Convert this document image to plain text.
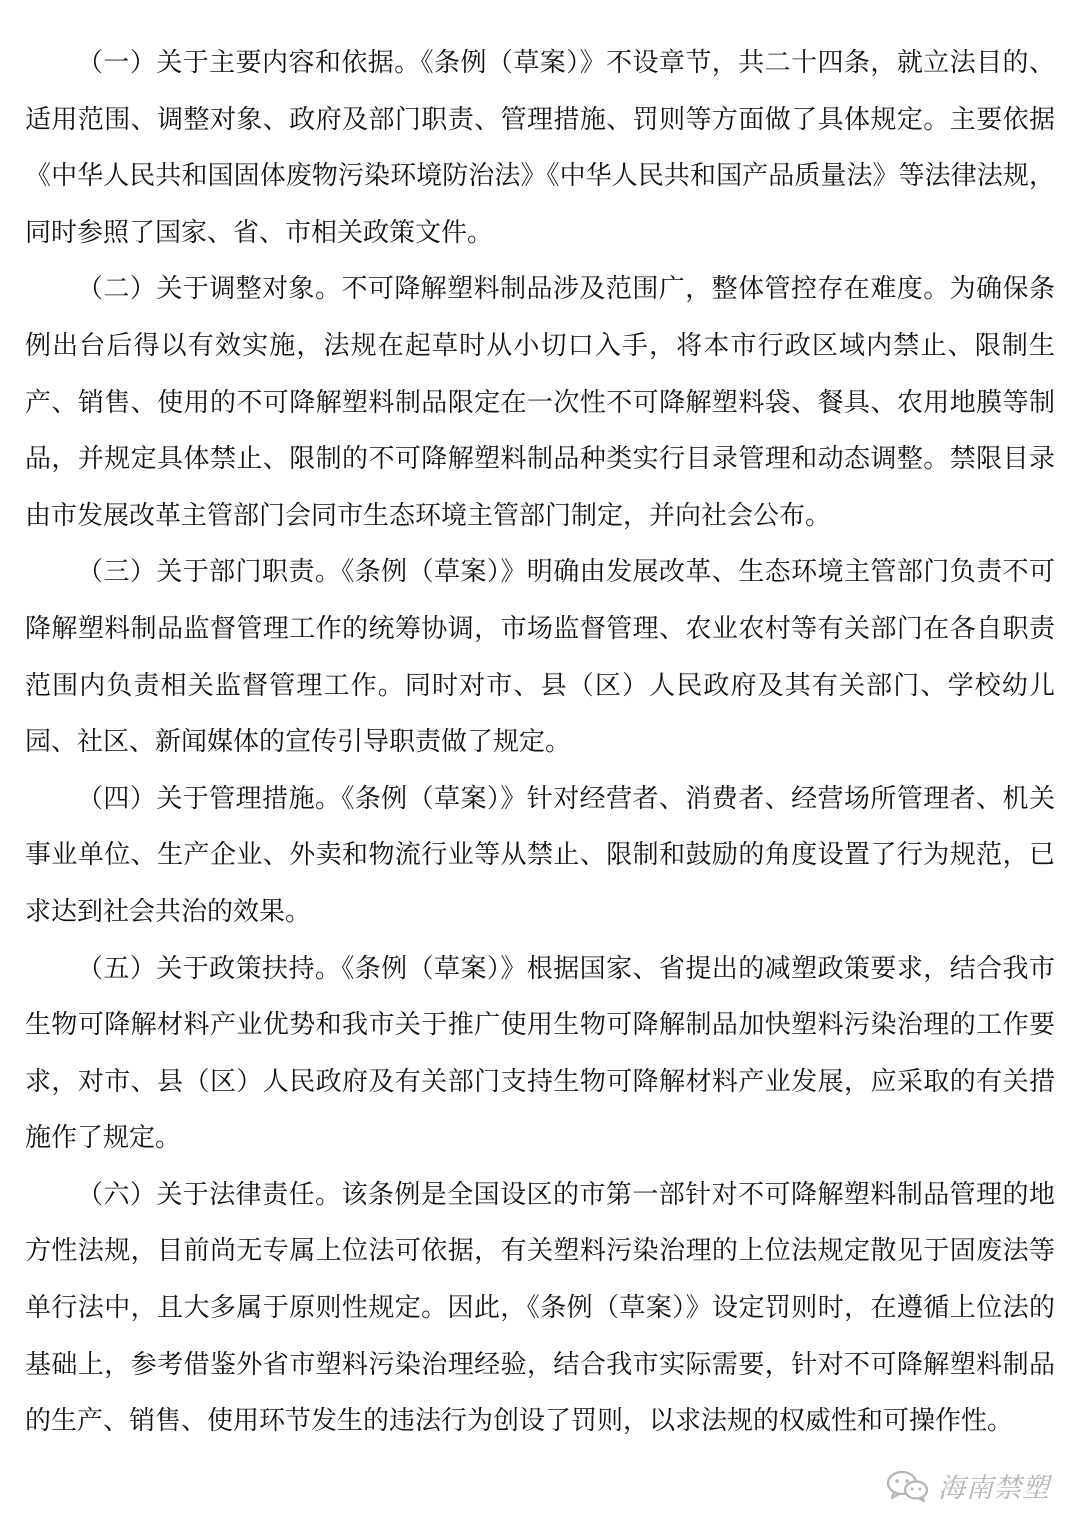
（一）关于主要内容和依据。《条例（草案）》不设章节，共二十四条，就立法目的、适用范围、调整对象、政府及部门职责、管理措施、罚则等方面做了具体规定。主要依据《中华人民共和国固体废物污染环境防治法》《中华人民共和国产品质量法》等法律法规，同时参照了国家、省、市相关政策文件。

（二）关于调整对象。不可降解塑料制品涉及范围广，整体管控存在难度。为确保条例出台后得以有效实施，法规在起草时从小切口入手，将本市行政区域内禁止、限制生产、销售、使用的不可降解塑料制品限定在一次性不可降解塑料袋、餐具、农用地膜等制品，并规定具体禁止、限制的不可降解塑料制品种类实行目录管理和动态调整。禁限目录由市发展改革主管部门会同市生态环境主管部门制定，并向社会公布。

（三）关于部门职责。《条例（草案）》明确由发展改革、生态环境主管部门负责不可降解塑料制品监督管理工作的统筹协调，市场监督管理、农业农村等有关部门在各自职责范围内负责相关监督管理工作。同时对市、县（区）人民政府及其有关部门、学校幼儿园、社区、新闻媒体的宣传引导职责做了规定。

（四）关于管理措施。《条例（草案）》针对经营者、消费者、经营场所管理者、机关事业单位、生产企业、外卖和物流行业等从禁止、限制和鼓励的角度设置了行为规范，已求达到社会共治的效果。

（五）关于政策扶持。《条例（草案）》根据国家、省提出的减塑政策要求，结合我市生物可降解材料产业优势和我市关于推广使用生物可降解制品加快塑料污染治理的工作要求，对市、县（区）人民政府及有关部门支持生物可降解材料产业发展，应采取的有关措施作了规定。

（六）关于法律责任。该条例是全国设区的市第一部针对不可降解塑料制品管理的地方性法规，目前尚无专属上位法可依据，有关塑料污染治理的上位法规定散见于固废法等单行法中，且大多属于原则性规定。因此，《条例（草案）》设定罚则时，在遵循上位法的基础上，参考借鉴外省市塑料污染治理经验，结合我市实际需要，针对不可降解塑料制品的生产、销售、使用环节发生的违法行为创设了罚则，以求法规的权威性和可操作性。

海南禁塑
